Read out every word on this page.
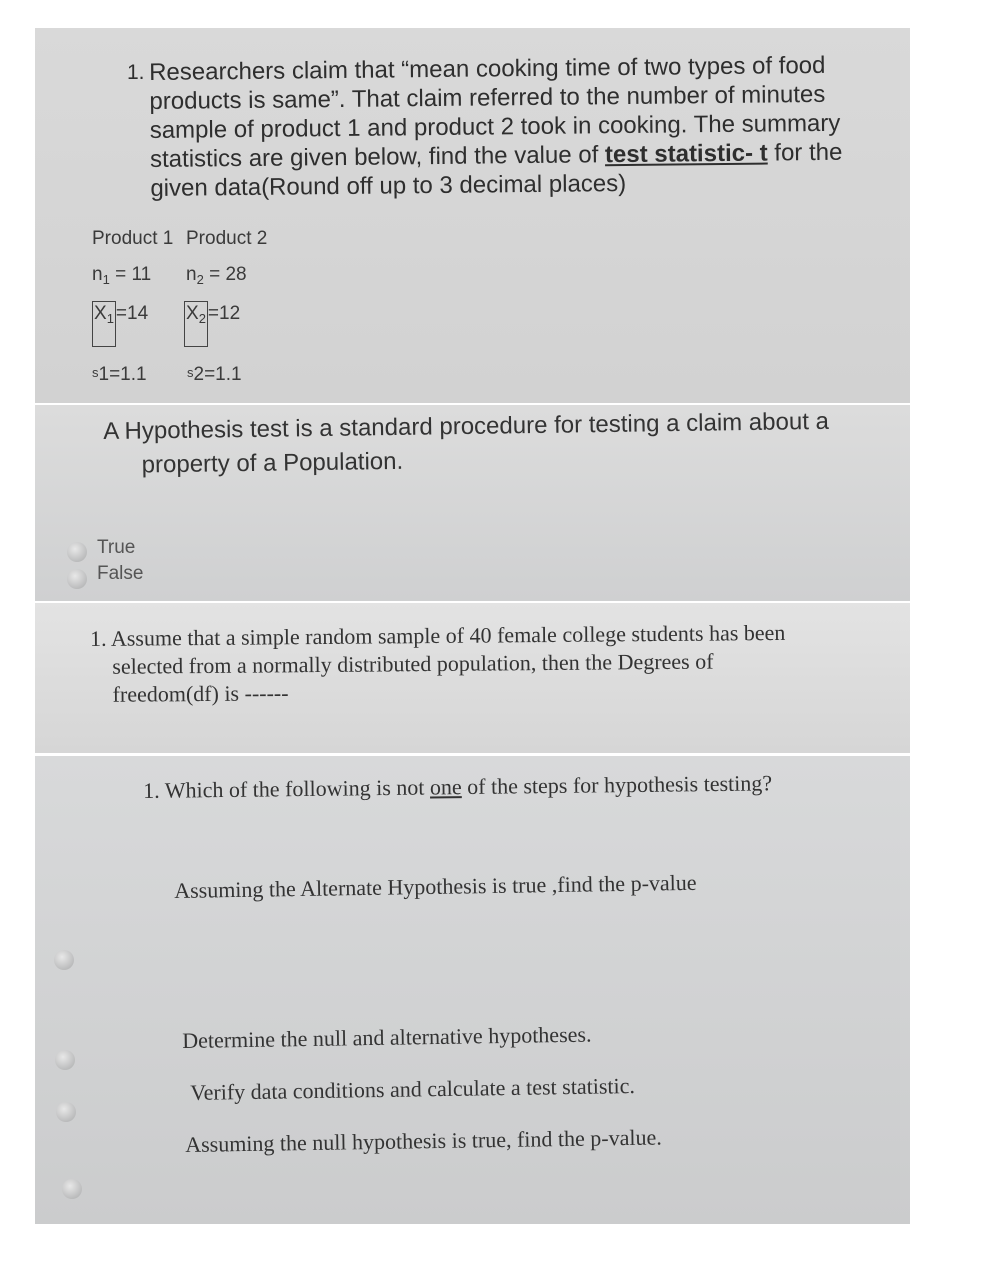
1. Researchers claim that “mean cooking time of two types of food
products is same”. That claim referred to the number of minutes
sample of product 1 and product 2 took in cooking. The summary
statistics are given below, find the value of test statistic- t for the
given data(Round off up to 3 decimal places)
Product 1 Product 2
$n_1 = 11$ $n_2 = 28$
$X_1 =14$ $X_2 =12$
$^s$1=1.1	$^s$2=1.1
A Hypothesis test is a standard procedure for testing a claim about a
property of a Population.
True
False
1. Assume that a simple random sample of 40 female college students has been
selected from a normally distributed population, then the Degrees of
freedom(df) is ------
1. Which of the following is not one of the steps for hypothesis testing?
Assuming the Alternate Hypothesis is true ,find the p-value
Determine the null and alternative hypotheses.
Verify data conditions and calculate a test statistic.
Assuming the null hypothesis is true, find the p-value.
